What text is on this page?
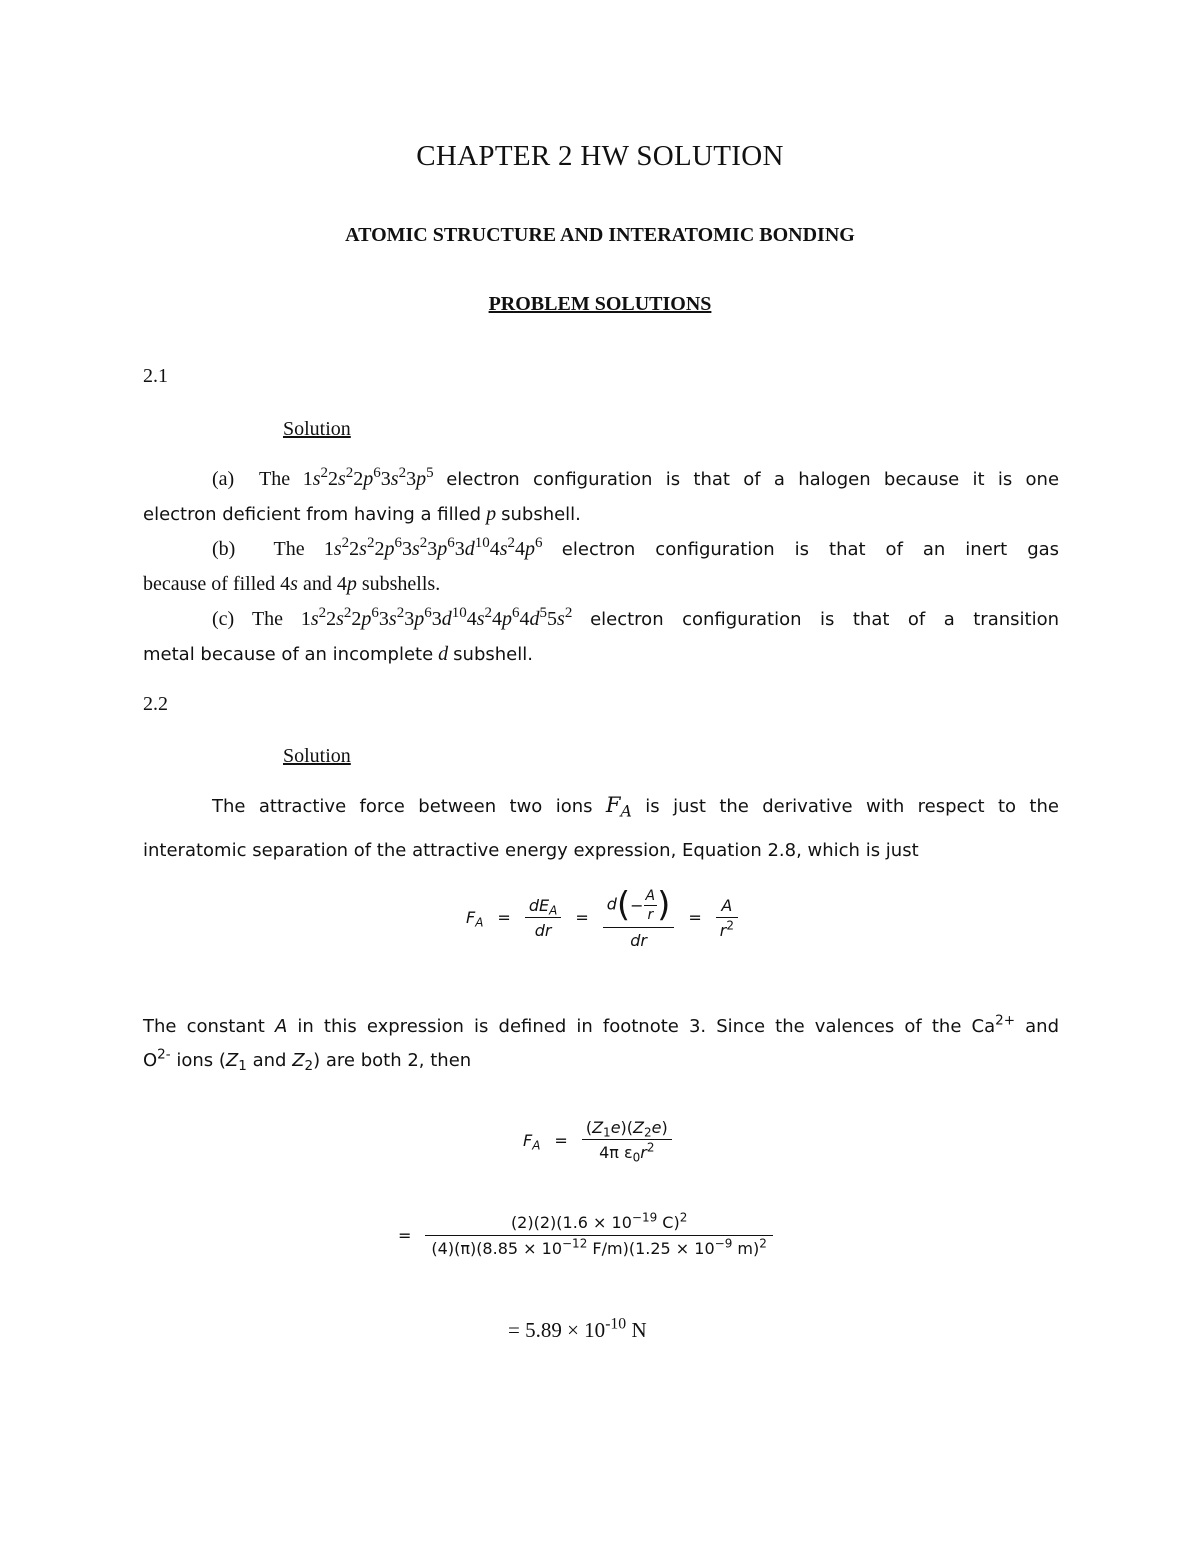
CHAPTER 2 HW SOLUTION
ATOMIC STRUCTURE AND INTERATOMIC BONDING
PROBLEM SOLUTIONS
2.1
Solution
(a) The $1s^22s^22p^63s^23p^5$ electron configuration is that of a halogen because it is one
electron deficient from having a filled p subshell.
(b) The $1s^22s^22p^63s^23p^63d^{10}4s^24p^6$ electron configuration is that of an inert gas
because of filled 4s and 4p subshells.
(c) The $1s^22s^22p^63s^23p^63d^{10}4s^24p^64d^55s^2$ electron configuration is that of a transition
metal because of an incomplete d subshell.
2.2
Solution
The attractive force between two ions $F_A$ is just the derivative with respect to the
interatomic separation of the attractive energy expression, Equation 2.8, which is just
$F_A = \frac{dE_A}{dr} = \frac{d(- \frac{A}{r} )}{dr} = \frac{A}{r^2}$
The constant A in this expression is defined in footnote 3. Since the valences of the $Ca^{2+}$ and
$O^{2-}$ ions ($Z_1$ and $Z_2$) are both 2, then
$F_A = \frac{(Z_1e)(Z_2e)}{4\pi \varepsilon_0r^2}$
= $\frac{(2)(2)(1.6 \times 10^{-19} C)^2}{(4)(\pi)(8.85 \times 10^{-12} F/m)(1.25 \times 10^{-9} m)^2}$
= $5.89 \times 10^{-10}$ N
